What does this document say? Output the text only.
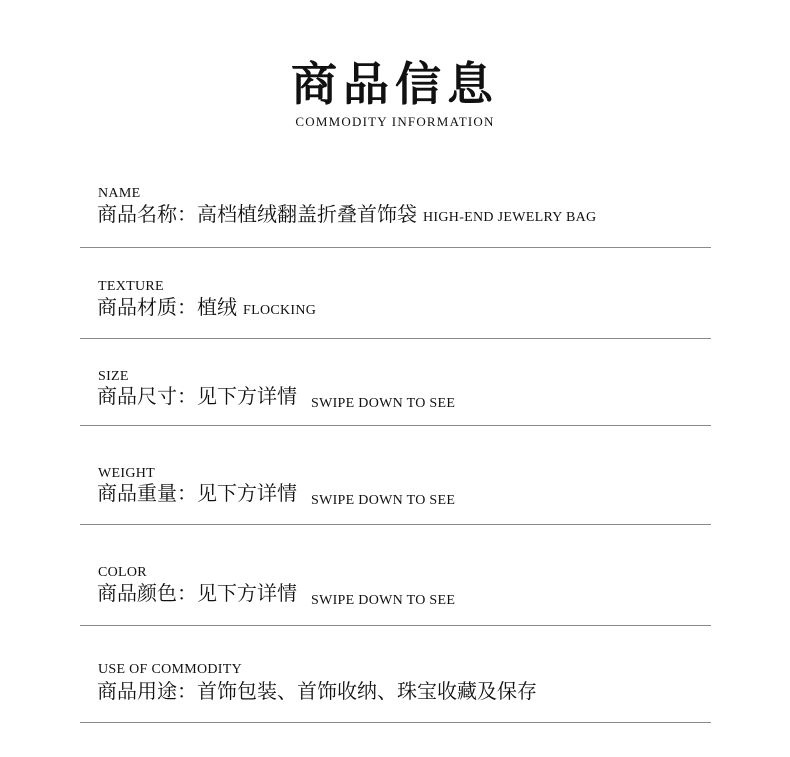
商品信息
COMMODITY INFORMATION
NAME
商品名称：高档植绒翻盖折叠首饰袋 HIGH-END JEWELRY BAG
TEXTURE
商品材质：植绒 FLOCKING
SIZE
商品尺寸：见下方详情 SWIPE DOWN TO SEE
WEIGHT
商品重量：见下方详情 SWIPE DOWN TO SEE
COLOR
商品颜色：见下方详情 SWIPE DOWN TO SEE
USE OF COMMODITY
商品用途：首饰包装、首饰收纳、珠宝收藏及保存
